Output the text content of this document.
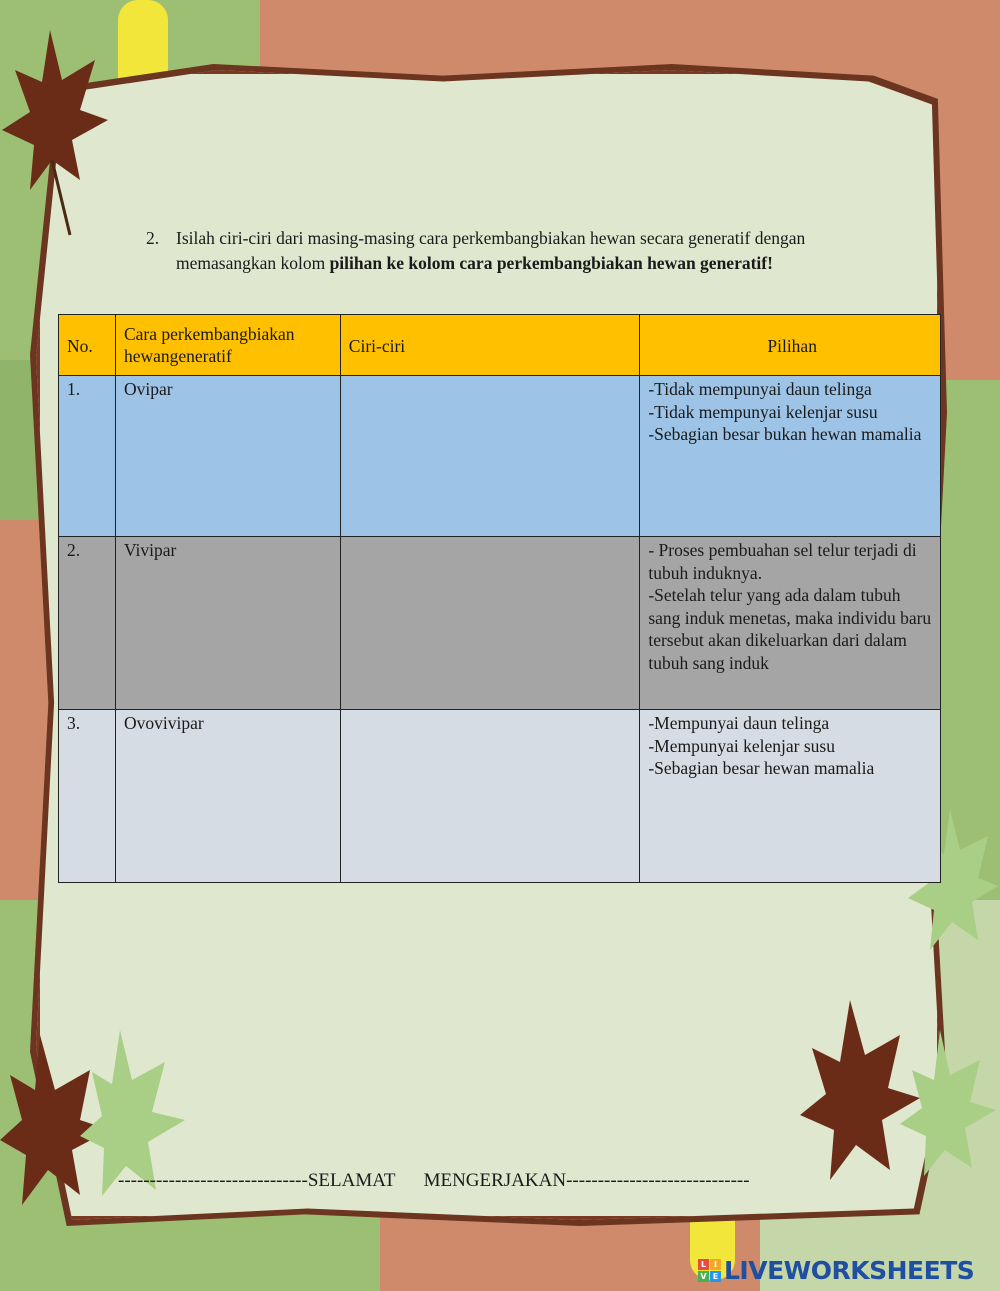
2. Isilah ciri-ciri dari masing-masing cara perkembangbiakan hewan secara generatif dengan memasangkan kolom pilihan ke kolom cara perkembangbiakan hewan generatif!
No.	Cara perkembangbiakan hewangeneratif	Ciri-ciri	Pilihan
1.	Ovipar		-Tidak mempunyai daun telinga
-Tidak mempunyai kelenjar susu
-Sebagian besar bukan hewan mamalia

2.	Vivipar		- Proses pembuahan sel telur terjadi di tubuh induknya.
-Setelah telur yang ada dalam tubuh sang induk menetas, maka individu baru tersebut akan dikeluarkan dari dalam tubuh sang induk

3.	Ovovivipar		-Mempunyai daun telinga
-Mempunyai kelenjar susu
-Sebagian besar hewan mamalia
------------------------------SELAMAT      MENGERJAKAN-----------------------------
L I
V E LIVEWORKSHEETS
